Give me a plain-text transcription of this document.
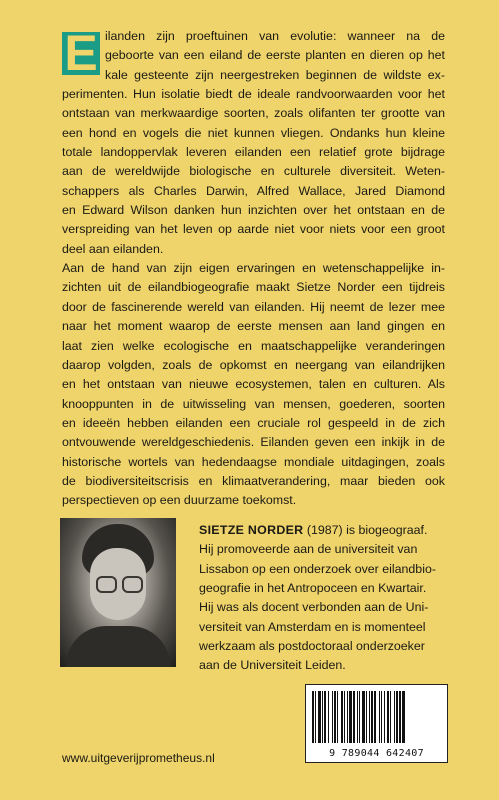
E ilanden zijn proeftuinen van evolutie: wanneer na de
geboorte van een eiland de eerste planten en dieren op het
kale gesteente zijn neergestreken beginnen de wildste ex-
perimenten. Hun isolatie biedt de ideale randvoorwaarden voor het
ontstaan van merkwaardige soorten, zoals olifanten ter grootte van
een hond en vogels die niet kunnen vliegen. Ondanks hun kleine
totale landoppervlak leveren eilanden een relatief grote bijdrage
aan de wereldwijde biologische en culturele diversiteit. Weten-
schappers als Charles Darwin, Alfred Wallace, Jared Diamond
en Edward Wilson danken hun inzichten over het ontstaan en de
verspreiding van het leven op aarde niet voor niets voor een groot
deel aan eilanden.
Aan de hand van zijn eigen ervaringen en wetenschappelijke in-
zichten uit de eilandbiogeografie maakt Sietze Norder een tijdreis
door de fascinerende wereld van eilanden. Hij neemt de lezer mee
naar het moment waarop de eerste mensen aan land gingen en
laat zien welke ecologische en maatschappelijke veranderingen
daarop volgden, zoals de opkomst en neergang van eilandrijken
en het ontstaan van nieuwe ecosystemen, talen en culturen. Als
knooppunten in de uitwisseling van mensen, goederen, soorten
en ideeën hebben eilanden een cruciale rol gespeeld in de zich
ontvouwende wereldgeschiedenis. Eilanden geven een inkijk in de
historische wortels van hedendaagse mondiale uitdagingen, zoals
de biodiversiteitscrisis en klimaatverandering, maar bieden ook
perspectieven op een duurzame toekomst.
SIETZE NORDER (1987) is biogeograaf.
Hij promoveerde aan de universiteit van
Lissabon op een onderzoek over eilandbio-
geografie in het Antropoceen en Kwartair.
Hij was als docent verbonden aan de Uni-
versiteit van Amsterdam en is momenteel
werkzaam als postdoctoraal onderzoeker
aan de Universiteit Leiden.
9 789044 642407
www.uitgeverijprometheus.nl
